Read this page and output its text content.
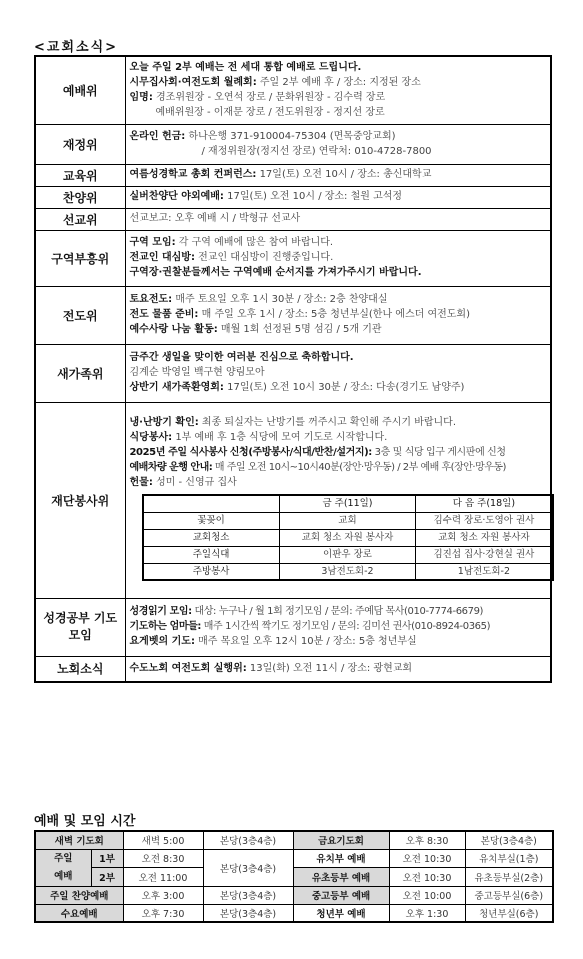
<교회소식>
예배위	
오늘 주일 2부 예배는 전 세대 통합 예배로 드립니다.
시무집사회·여전도회 월례회: 주일 2부 예배 후 / 장소: 지정된 장소
임명: 경조위원장 - 오연석 장로 / 문화위원장 - 김수력 장로
예배위원장 - 이재문 장로 / 전도위원장 - 정지선 장로

재정위	
온라인 헌금: 하나은행 371-910004-75304 (면목중앙교회)
/ 재정위원장(정지선 장로) 연락처: 010-4728-7800

교육위	여름성경학교 총회 컨퍼런스: 17일(토) 오전 10시 / 장소: 총신대학교

찬양위	실버찬양단 야외예배: 17일(토) 오전 10시 / 장소: 철원 고석정

선교위	선교보고: 오후 예배 시 / 박형규 선교사

구역부흥위	
구역 모임: 각 구역 예배에 많은 참여 바랍니다.
전교인 대심방: 전교인 대심방이 진행중입니다.
구역장·권찰분들께서는 구역예배 순서지를 가져가주시기 바랍니다.

전도위	
토요전도: 매주 토요일 오후 1시 30분 / 장소: 2층 찬양대실
전도 물품 준비: 매 주일 오후 1시 / 장소: 5층 청년부실(한나 에스더 여전도회)
예수사랑 나눔 활동: 매월 1회 선정된 5명 섬김 / 5개 기관

새가족위	
금주간 생일을 맞이한 여러분 진심으로 축하합니다.
김계순 박영일 백구현 양림모아
상반기 새가족환영회: 17일(토) 오전 10시 30분 / 장소: 다송(경기도 남양주)

재단봉사위	
냉·난방기 확인: 최종 퇴실자는 난방기를 꺼주시고 확인해 주시기 바랍니다.
식당봉사: 1부 예배 후 1층 식당에 모여 기도로 시작합니다.
2025년 주일 식사봉사 신청(주방봉사/식대/반찬/설거지): 3층 및 식당 입구 게시판에 신청
예배차량 운행 안내: 매 주일 오전 10시~10시40분(장안·망우동) / 2부 예배 후(장안·망우동)
헌물: 성미 - 신영규 집사
	금 주(11일)	다 음 주(18일)
꽃꽂이	교회	김수력 장로·도영아 권사
교회청소	교회 청소 자원 봉사자	교회 청소 자원 봉사자
주일식대	이판우 장로	김진섭 집사·강현실 권사
주방봉사	3남전도회-2	1남전도회-2

성경공부 기도모임	
성경읽기 모임: 대상: 누구나 / 월 1회 정기모임 / 문의: 주예담 목사(010-7774-6679)
기도하는 엄마들: 매주 1시간씩 짝기도 정기모임 / 문의: 김미선 권사(010-8924-0365)
요게벳의 기도: 매주 목요일 오후 12시 10분 / 장소: 5층 청년부실

노회소식	수도노회 여전도회 실행위: 13일(화) 오전 11시 / 장소: 광현교회
예배 및 모임 시간
새벽 기도회		새벽 5:00	본당(3층4층)	금요기도회	오후 8:30	본당(3층4층)

주일
예배	1부	오전 8:30	본당(3층4층)	유치부 예배	오전 10:30	유치부실(1층)
	2부	오전 11:00		유초등부 예배	오전 10:30	유초등부실(2층)
주일 찬양예배		오후 3:00	본당(3층4층)	중고등부 예배	오전 10:00	중고등부실(6층)
수요예배		오후 7:30	본당(3층4층)	청년부 예배	오후 1:30	청년부실(6층)
